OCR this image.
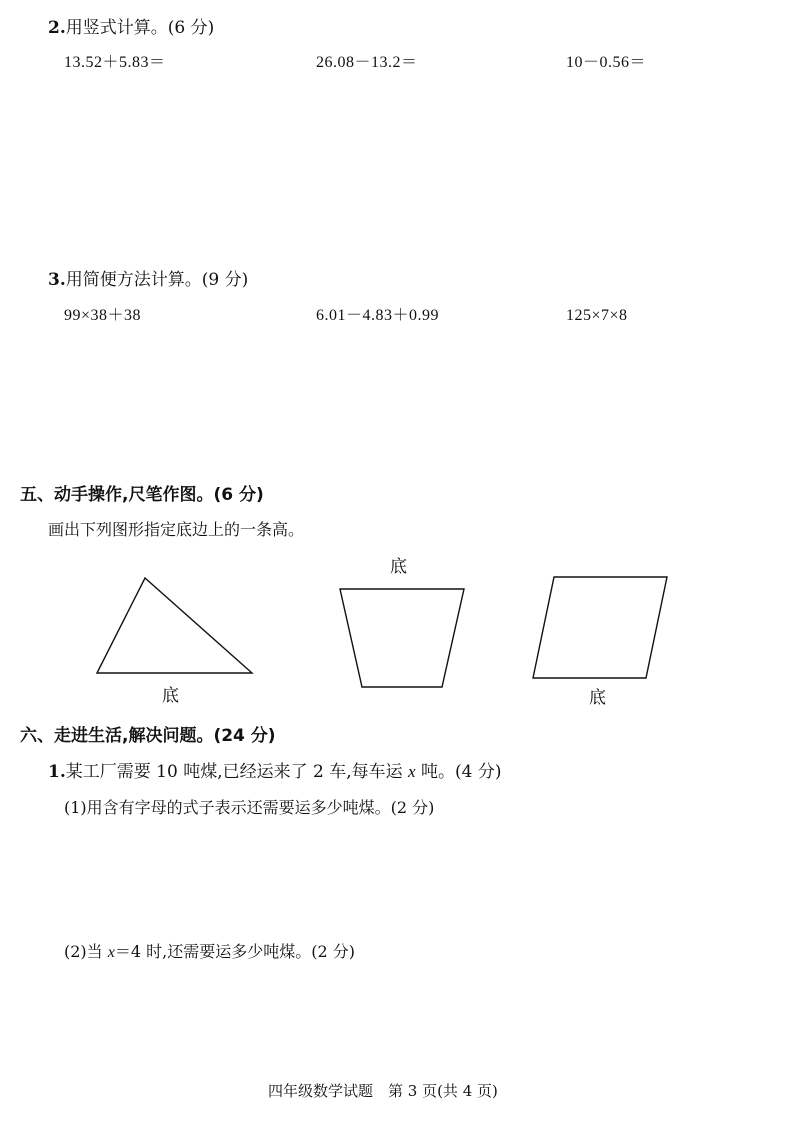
2.用竖式计算。(6 分)
13.52＋5.83＝	26.08－13.2＝	10－0.56＝
3.用简便方法计算。(9 分)
99×38＋38	6.01－4.83＋0.99	125×7×8
五、动手操作,尺笔作图。(6 分)
画出下列图形指定底边上的一条高。
底
底
底
六、走进生活,解决问题。(24 分)
1.某工厂需要 10 吨煤,已经运来了 2 车,每车运 x 吨。(4 分)
(1)用含有字母的式子表示还需要运多少吨煤。(2 分)
(2)当 x＝4 时,还需要运多少吨煤。(2 分)
四年级数学试题　第 3 页(共 4 页)
